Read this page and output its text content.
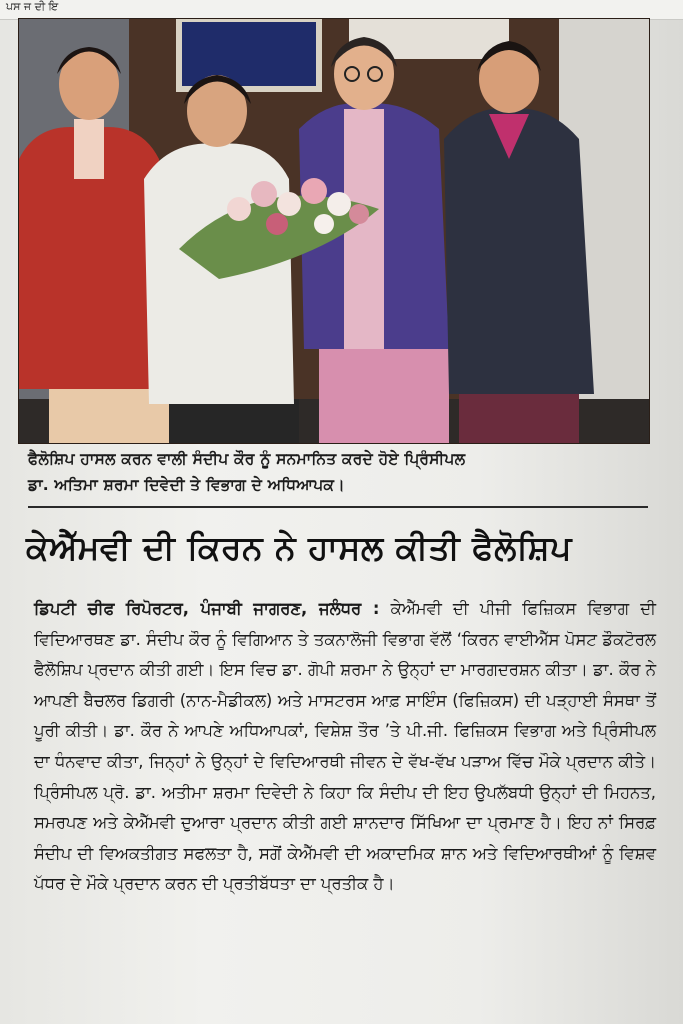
ਪਸ ਜ ਦੀ ਇ
ਫੈਲੋਸ਼ਿਪ ਹਾਸਲ ਕਰਨ ਵਾਲੀ ਸੰਦੀਪ ਕੌਰ ਨੂੰ ਸਨਮਾਨਿਤ ਕਰਦੇ ਹੋਏ ਪ੍ਰਿੰਸੀਪਲ
ਡਾ. ਅਤਿਮਾ ਸ਼ਰਮਾ ਦਿਵੇਦੀ ਤੇ ਵਿਭਾਗ ਦੇ ਅਧਿਆਪਕ।
ਕੇਐੱਮਵੀ ਦੀ ਕਿਰਨ ਨੇ ਹਾਸਲ ਕੀਤੀ ਫੈਲੋਸ਼ਿਪ
ਡਿਪਟੀ ਚੀਫ ਰਿਪੋਰਟਰ, ਪੰਜਾਬੀ ਜਾਗਰਣ, ਜਲੰਧਰ : ਕੇਐੱਮਵੀ ਦੀ ਪੀਜੀ ਫਿਜ਼ਿਕਸ ਵਿਭਾਗ ਦੀ ਵਿਦਿਆਰਥਣ ਡਾ. ਸੰਦੀਪ ਕੌਰ ਨੂੰ ਵਿਗਿਆਨ ਤੇ ਤਕਨਾਲੋਜੀ ਵਿਭਾਗ ਵੱਲੋਂ ‘ਕਿਰਨ ਵਾਈਐੱਸ ਪੋਸਟ ਡੌਕਟੋਰਲ ਫੈਲੋਸ਼ਿਪ ਪ੍ਰਦਾਨ ਕੀਤੀ ਗਈ। ਇਸ ਵਿਚ ਡਾ. ਗੋਪੀ ਸ਼ਰਮਾ ਨੇ ਉਨ੍ਹਾਂ ਦਾ ਮਾਰਗਦਰਸ਼ਨ ਕੀਤਾ। ਡਾ. ਕੌਰ ਨੇ ਆਪਣੀ ਬੈਚਲਰ ਡਿਗਰੀ (ਨਾਨ-ਮੈਡੀਕਲ) ਅਤੇ ਮਾਸਟਰਸ ਆਫ਼ ਸਾਇੰਸ (ਫਿਜ਼ਿਕਸ) ਦੀ ਪੜ੍ਹਾਈ ਸੰਸਥਾ ਤੋਂ ਪੂਰੀ ਕੀਤੀ। ਡਾ. ਕੌਰ ਨੇ ਆਪਣੇ ਅਧਿਆਪਕਾਂ, ਵਿਸ਼ੇਸ਼ ਤੌਰ ’ਤੇ ਪੀ.ਜੀ. ਫਿਜ਼ਿਕਸ ਵਿਭਾਗ ਅਤੇ ਪ੍ਰਿੰਸੀਪਲ ਦਾ ਧੰਨਵਾਦ ਕੀਤਾ, ਜਿਨ੍ਹਾਂ ਨੇ ਉਨ੍ਹਾਂ ਦੇ ਵਿਦਿਆਰਥੀ ਜੀਵਨ ਦੇ ਵੱਖ-ਵੱਖ ਪੜਾਅ ਵਿੱਚ ਮੌਕੇ ਪ੍ਰਦਾਨ ਕੀਤੇ। ਪ੍ਰਿੰਸੀਪਲ ਪ੍ਰੋ. ਡਾ. ਅਤੀਮਾ ਸ਼ਰਮਾ ਦਿਵੇਦੀ ਨੇ ਕਿਹਾ ਕਿ ਸੰਦੀਪ ਦੀ ਇਹ ਉਪਲੱਬਧੀ ਉਨ੍ਹਾਂ ਦੀ ਮਿਹਨਤ, ਸਮਰਪਣ ਅਤੇ ਕੇਐੱਮਵੀ ਦੁਆਰਾ ਪ੍ਰਦਾਨ ਕੀਤੀ ਗਈ ਸ਼ਾਨਦਾਰ ਸਿੱਖਿਆ ਦਾ ਪ੍ਰਮਾਣ ਹੈ। ਇਹ ਨਾਂ ਸਿਰਫ਼ ਸੰਦੀਪ ਦੀ ਵਿਅਕਤੀਗਤ ਸਫਲਤਾ ਹੈ, ਸਗੋਂ ਕੇਐੱਮਵੀ ਦੀ ਅਕਾਦਮਿਕ ਸ਼ਾਨ ਅਤੇ ਵਿਦਿਆਰਥੀਆਂ ਨੂੰ ਵਿਸ਼ਵ ਪੱਧਰ ਦੇ ਮੌਕੇ ਪ੍ਰਦਾਨ ਕਰਨ ਦੀ ਪ੍ਰਤੀਬੱਧਤਾ ਦਾ ਪ੍ਰਤੀਕ ਹੈ।
